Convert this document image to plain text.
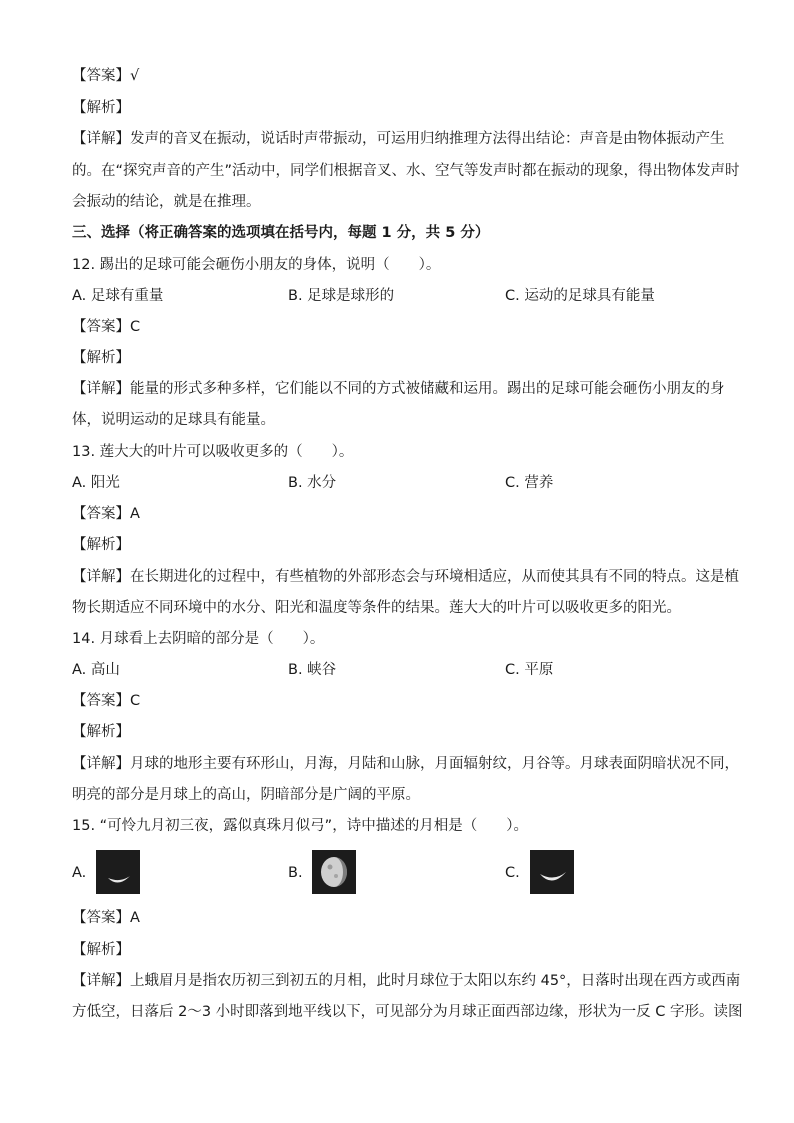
【答案】√
【解析】
【详解】发声的音叉在振动，说话时声带振动，可运用归纳推理方法得出结论：声音是由物体振动产生
的。在“探究声音的产生”活动中，同学们根据音叉、水、空气等发声时都在振动的现象，得出物体发声时
会振动的结论，就是在推理。
三、选择（将正确答案的选项填在括号内，每题 1 分，共 5 分）
12. 踢出的足球可能会砸伤小朋友的身体，说明（　　）。
A. 足球有重量	B. 足球是球形的	C. 运动的足球具有能量
【答案】C
【解析】
【详解】能量的形式多种多样，它们能以不同的方式被储藏和运用。踢出的足球可能会砸伤小朋友的身
体，说明运动的足球具有能量。
13. 莲大大的叶片可以吸收更多的（　　）。
A. 阳光	B. 水分	C. 营养
【答案】A
【解析】
【详解】在长期进化的过程中，有些植物的外部形态会与环境相适应，从而使其具有不同的特点。这是植
物长期适应不同环境中的水分、阳光和温度等条件的结果。莲大大的叶片可以吸收更多的阳光。
14. 月球看上去阴暗的部分是（　　）。
A. 高山	B. 峡谷	C. 平原
【答案】C
【解析】
【详解】月球的地形主要有环形山，月海，月陆和山脉，月面辐射纹，月谷等。月球表面阴暗状况不同，
明亮的部分是月球上的高山，阴暗部分是广阔的平原。
15. “可怜九月初三夜，露似真珠月似弓”，诗中描述的月相是（　　）。
A.	B.	C.
【答案】A
【解析】
【详解】上蛾眉月是指农历初三到初五的月相，此时月球位于太阳以东约 45°，日落时出现在西方或西南
方低空，日落后 2～3 小时即落到地平线以下，可见部分为月球正面西部边缘，形状为一反 C 字形。读图
